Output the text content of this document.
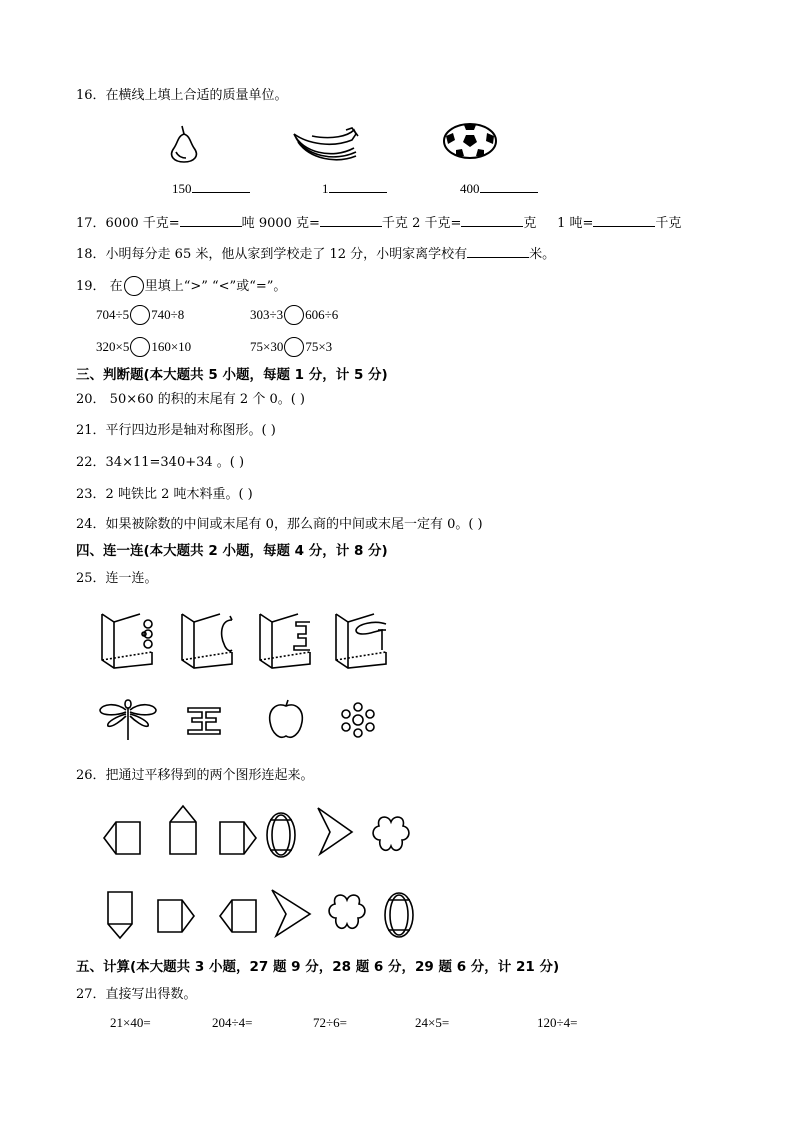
16．在横线上填上合适的质量单位。
150	1	400
17．6000 千克=	吨 9000 克=	千克 2 千克=	克 1 吨=	千克
18．小明每分走 65 米，他从家到学校走了 12 分，小明家离学校有	米。
19． 在 里填上“>” “<”或“=”。
704÷5 740÷8	303÷3 606÷6
320×5 160×10	75×30 75×3
三、判断题(本大题共 5 小题，每题 1 分，计 5 分)
20． 50×60 的积的末尾有 2 个 0。( )
21．平行四边形是轴对称图形。( )
22．34×11=340+34 。( )
23．2 吨铁比 2 吨木料重。( )
24．如果被除数的中间或末尾有 0，那么商的中间或末尾一定有 0。( )
四、连一连(本大题共 2 小题，每题 4 分，计 8 分)
25．连一连。
26．把通过平移得到的两个图形连起来。
五、计算(本大题共 3 小题，27 题 9 分，28 题 6 分，29 题 6 分，计 21 分)
27．直接写出得数。
21×40=	204÷4=	72÷6=	24×5=	120÷4=
